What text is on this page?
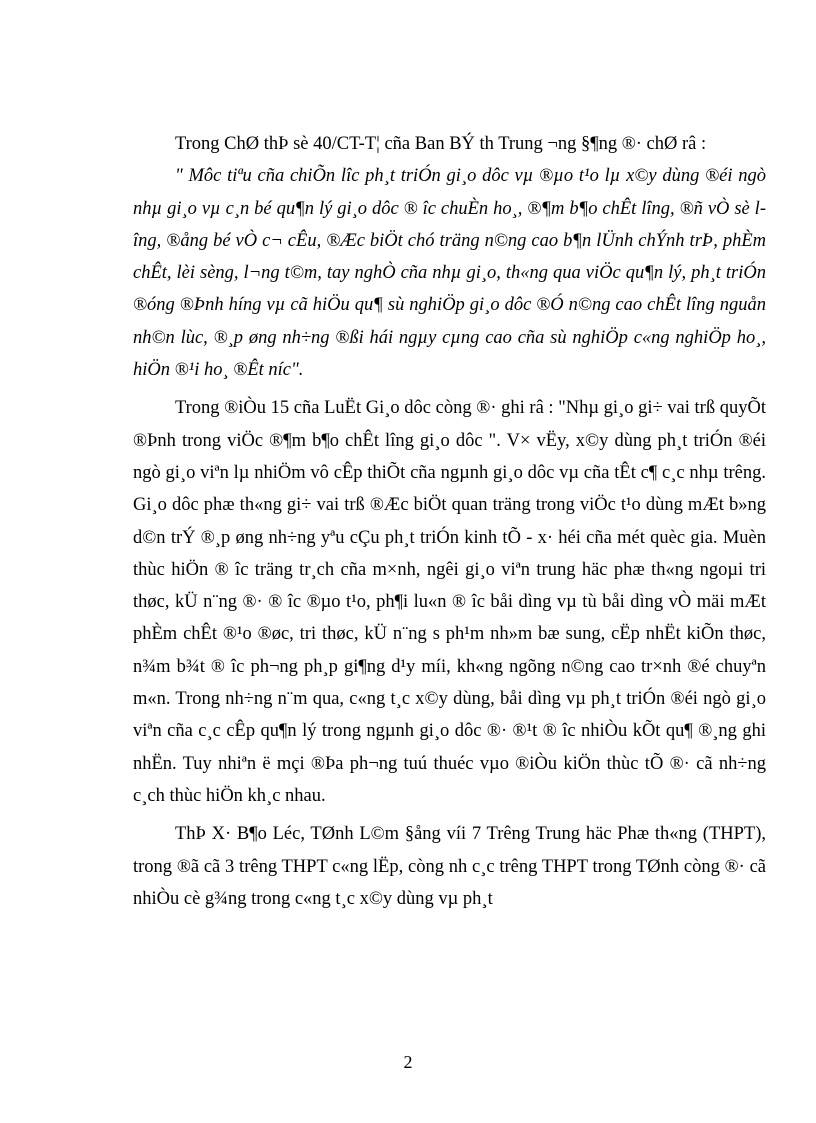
Trong ChØ thÞ sè 40/CT-T¦ cña Ban BÝ th Trung ¬ng §¶ng ®· chØ râ :

" Môc tiªu cña chiÕn lîc ph¸t triÓn gi¸o dôc vµ ®µo t¹o lµ x©y dùng ®éi ngò nhµ gi¸o vµ c¸n bé qu¶n lý gi¸o dôc ® îc chuÈn ho¸, ®¶m b¶o chÊt lîng, ®ñ vÒ sè lîng, ®ång bé vÒ c¬ cÊu, ®Æc biÖt chó träng n©ng cao b¶n lÜnh chÝnh trÞ, phÈm chÊt, lèi sèng, l¬ng t©m, tay nghÒ cña nhµ gi¸o, th«ng qua viÖc qu¶n lý, ph¸t triÓn ®óng ®Þnh híng vµ cã hiÖu qu¶ sù nghiÖp gi¸o dôc ®Ó n©ng cao chÊt lîng nguån nh©n lùc, ®¸p øng nh÷ng ®ßi hái ngµy cµng cao cña sù nghiÖp c«ng nghiÖp ho¸, hiÖn ®¹i ho¸ ®Êt níc".

Trong ®iÒu 15 cña LuËt Gi¸o dôc còng ®· ghi râ : "Nhµ gi¸o gi÷ vai trß quyÕt ®Þnh trong viÖc ®¶m b¶o chÊt lîng gi¸o dôc ". V× vËy, x©y dùng ph¸t triÓn ®éi ngò gi¸o viªn lµ nhiÖm vô cÊp thiÕt cña ngµnh gi¸o dôc vµ cña tÊt c¶ c¸c nhµ trêng. Gi¸o dôc phæ th«ng gi÷ vai trß ®Æc biÖt quan träng trong viÖc t¹o dùng mÆt b»ng d©n trÝ ®¸p øng nh÷ng yªu cÇu ph¸t triÓn kinh tÕ - x· héi cña mét quèc gia. Muèn thùc hiÖn ® îc träng tr¸ch cña m×nh, ngêi gi¸o viªn trung häc phæ th«ng ngoµi tri thøc, kÜ n¨ng ®· ® îc ®µo t¹o, ph¶i lu«n ® îc båi dìng vµ tù båi dìng vÒ mäi mÆt phÈm chÊt ®¹o ®øc, tri thøc, kÜ n¨ng s ph¹m nh»m bæ sung, cËp nhËt kiÕn thøc, n¾m b¾t ® îc ph¬ng ph¸p gi¶ng d¹y míi, kh«ng ngõng n©ng cao tr×nh ®é chuyªn m«n. Trong nh÷ng n¨m qua, c«ng t¸c x©y dùng, båi dìng vµ ph¸t triÓn ®éi ngò gi¸o viªn cña c¸c cÊp qu¶n lý trong ngµnh gi¸o dôc ®· ®¹t ® îc nhiÒu kÕt qu¶ ®¸ng ghi nhËn. Tuy nhiªn ë mçi ®Þa ph¬ng tuú thuéc vµo ®iÒu kiÖn thùc tÕ ®· cã nh÷ng c¸ch thùc hiÖn kh¸c nhau.

ThÞ X· B¶o Léc, TØnh L©m §ång víi 7 Trêng Trung häc Phæ th«ng (THPT), trong ®ã cã 3 trêng THPT c«ng lËp, còng nh c¸c trêng THPT trong TØnh còng ®· cã nhiÒu cè g¾ng trong c«ng t¸c x©y dùng vµ ph¸t

2
